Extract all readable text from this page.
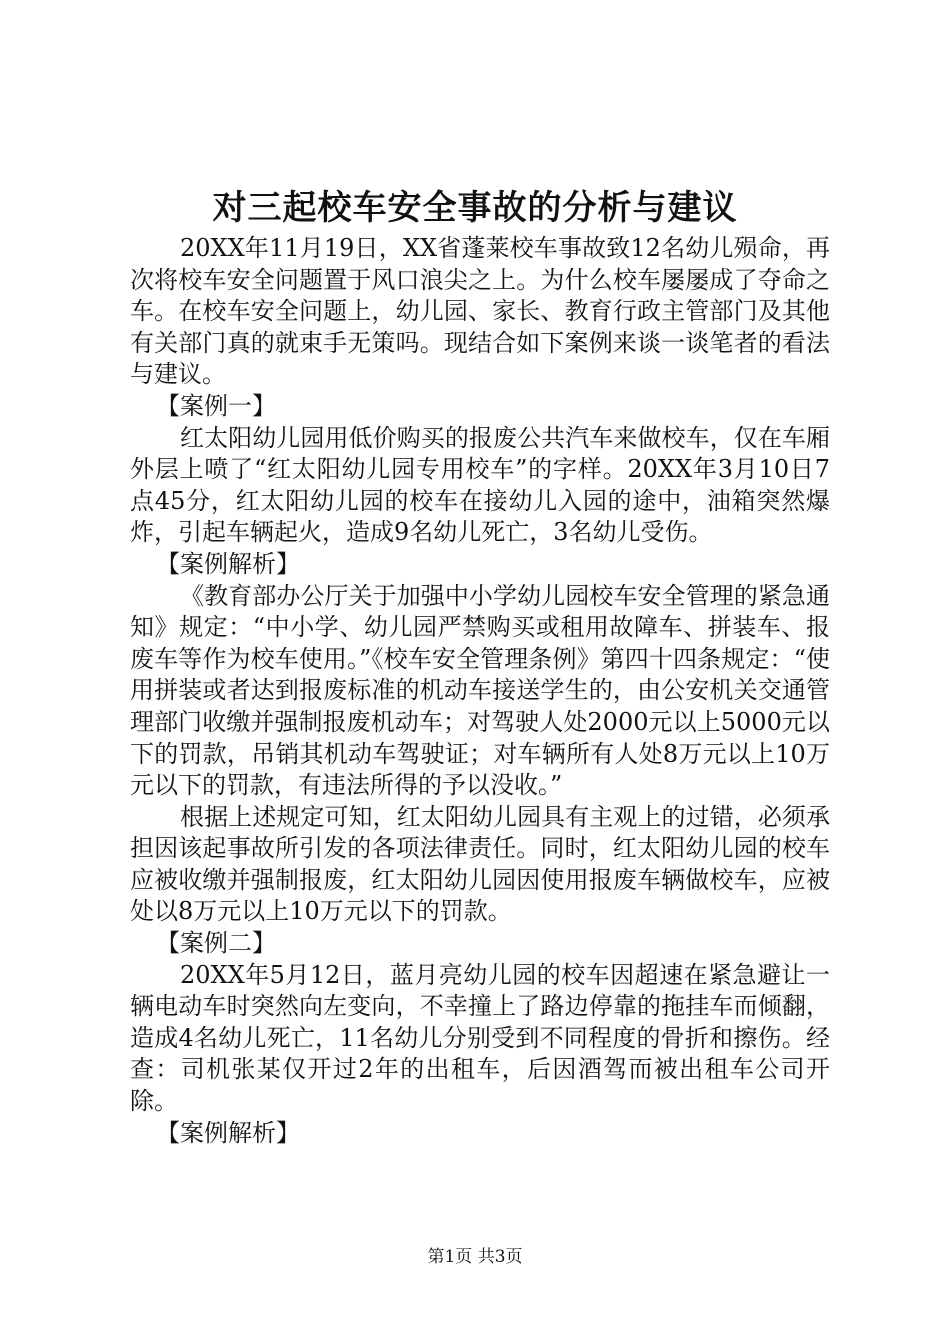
对三起校车安全事故的分析与建议

20XX年11月19日，XX省蓬莱校车事故致12名幼儿殒命，再次将校车安全问题置于风口浪尖之上。为什么校车屡屡成了夺命之车。在校车安全问题上，幼儿园、家长、教育行政主管部门及其他有关部门真的就束手无策吗。现结合如下案例来谈一谈笔者的看法与建议。

【案例一】

红太阳幼儿园用低价购买的报废公共汽车来做校车，仅在车厢外层上喷了“红太阳幼儿园专用校车”的字样。20XX年3月10日7点45分，红太阳幼儿园的校车在接幼儿入园的途中，油箱突然爆炸，引起车辆起火，造成9名幼儿死亡，3名幼儿受伤。

【案例解析】

《教育部办公厅关于加强中小学幼儿园校车安全管理的紧急通知》规定：“中小学、幼儿园严禁购买或租用故障车、拼装车、报废车等作为校车使用。”《校车安全管理条例》第四十四条规定：“使用拼装或者达到报废标准的机动车接送学生的，由公安机关交通管理部门收缴并强制报废机动车；对驾驶人处2000元以上5000元以下的罚款，吊销其机动车驾驶证；对车辆所有人处8万元以上10万元以下的罚款，有违法所得的予以没收。”

根据上述规定可知，红太阳幼儿园具有主观上的过错，必须承担因该起事故所引发的各项法律责任。同时，红太阳幼儿园的校车应被收缴并强制报废，红太阳幼儿园因使用报废车辆做校车，应被处以8万元以上10万元以下的罚款。

【案例二】

20XX年5月12日，蓝月亮幼儿园的校车因超速在紧急避让一辆电动车时突然向左变向，不幸撞上了路边停靠的拖挂车而倾翻，造成4名幼儿死亡，11名幼儿分别受到不同程度的骨折和擦伤。经查：司机张某仅开过2年的出租车，后因酒驾而被出租车公司开除。

【案例解析】

第1页 共3页
